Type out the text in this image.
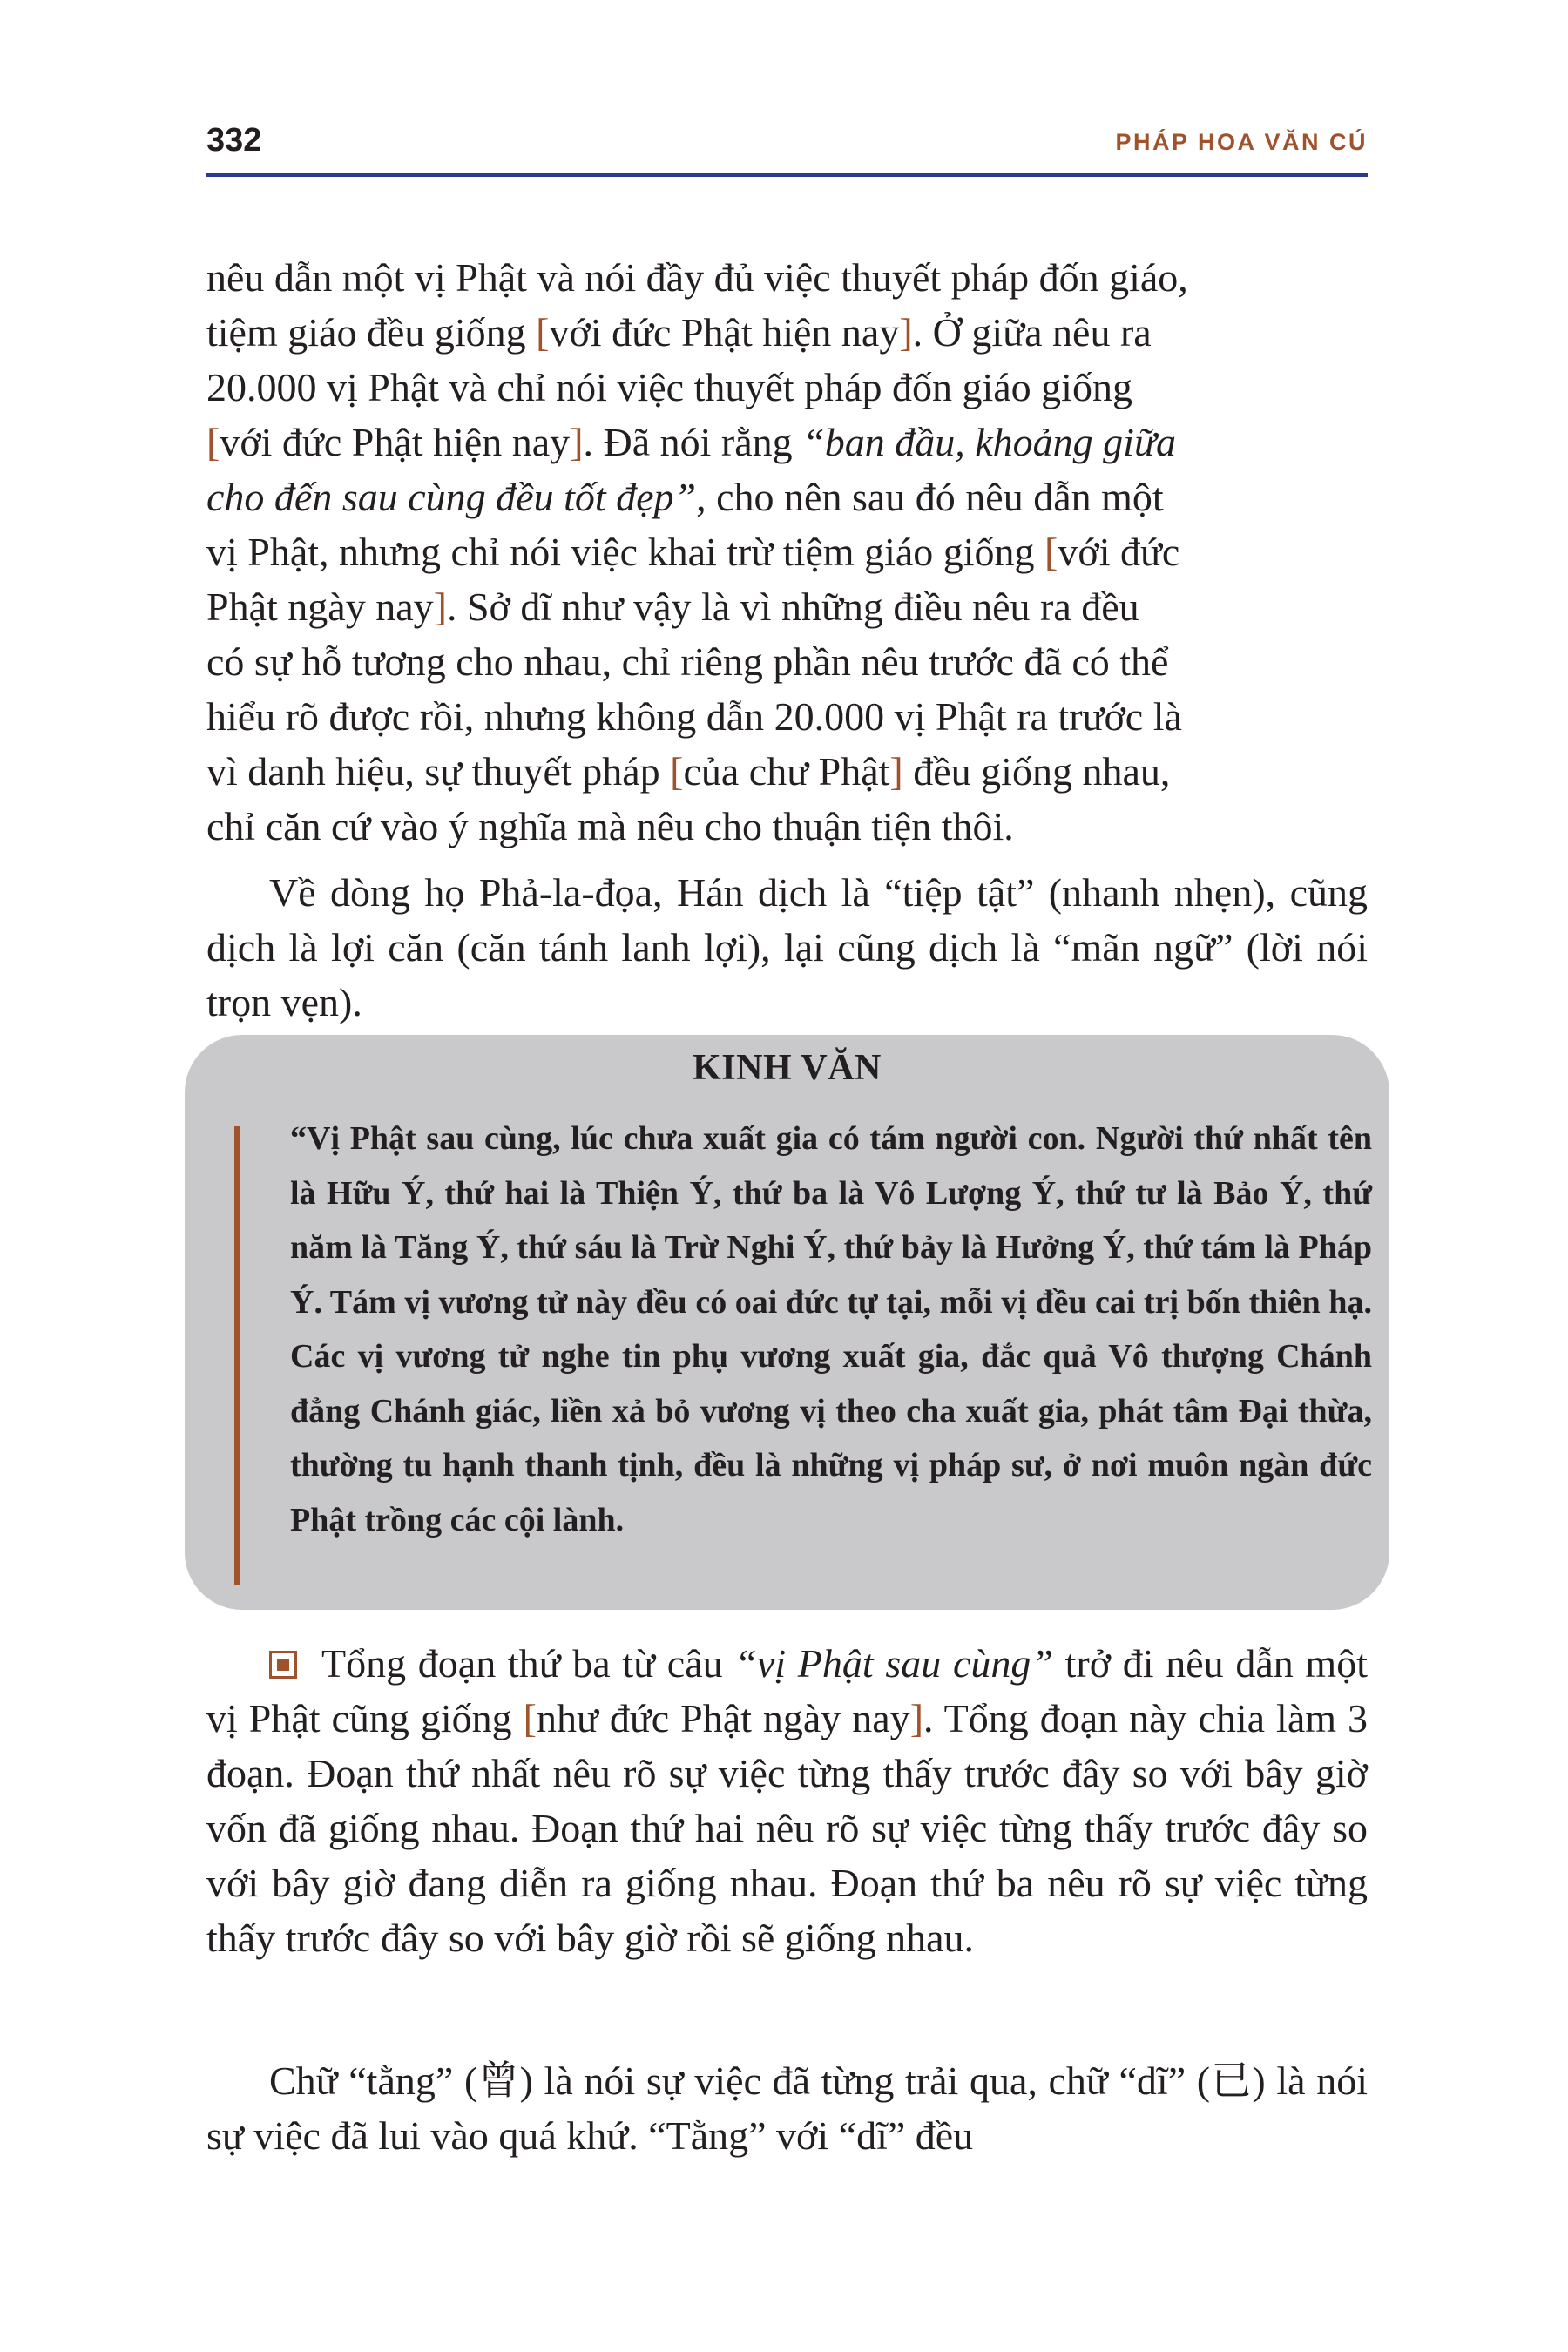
332	PHÁP HOA VĂN CÚ
nêu dẫn một vị Phật và nói đầy đủ việc thuyết pháp đốn giáo,
tiệm giáo đều giống [với đức Phật hiện nay]. Ở giữa nêu ra
20.000 vị Phật và chỉ nói việc thuyết pháp đốn giáo giống
[với đức Phật hiện nay]. Đã nói rằng “ban đầu, khoảng giữa
cho đến sau cùng đều tốt đẹp”, cho nên sau đó nêu dẫn một
vị Phật, nhưng chỉ nói việc khai trừ tiệm giáo giống [với đức
Phật ngày nay]. Sở dĩ như vậy là vì những điều nêu ra đều
có sự hỗ tương cho nhau, chỉ riêng phần nêu trước đã có thể
hiểu rõ được rồi, nhưng không dẫn 20.000 vị Phật ra trước là
vì danh hiệu, sự thuyết pháp [của chư Phật] đều giống nhau,
chỉ căn cứ vào ý nghĩa mà nêu cho thuận tiện thôi.

Về dòng họ Phả-la-đọa, Hán dịch là “tiệp tật” (nhanh nhẹn), cũng dịch là lợi căn (căn tánh lanh lợi), lại cũng dịch là “mãn ngữ” (lời nói trọn vẹn).

KINH VĂN
“Vị Phật sau cùng, lúc chưa xuất gia có tám người con. Người thứ nhất tên là Hữu Ý, thứ hai là Thiện Ý, thứ ba là Vô Lượng Ý, thứ tư là Bảo Ý, thứ năm là Tăng Ý, thứ sáu là Trừ Nghi Ý, thứ bảy là Hưởng Ý, thứ tám là Pháp Ý. Tám vị vương tử này đều có oai đức tự tại, mỗi vị đều cai trị bốn thiên hạ. Các vị vương tử nghe tin phụ vương xuất gia, đắc quả Vô thượng Chánh đẳng Chánh giác, liền xả bỏ vương vị theo cha xuất gia, phát tâm Đại thừa, thường tu hạnh thanh tịnh, đều là những vị pháp sư, ở nơi muôn ngàn đức Phật trồng các cội lành.

Tổng đoạn thứ ba từ câu “vị Phật sau cùng” trở đi nêu dẫn một vị Phật cũng giống [như đức Phật ngày nay]. Tổng đoạn này chia làm 3 đoạn. Đoạn thứ nhất nêu rõ sự việc từng thấy trước đây so với bây giờ vốn đã giống nhau. Đoạn thứ hai nêu rõ sự việc từng thấy trước đây so với bây giờ đang diễn ra giống nhau. Đoạn thứ ba nêu rõ sự việc từng thấy trước đây so với bây giờ rồi sẽ giống nhau.

Chữ “tằng” (曾) là nói sự việc đã từng trải qua, chữ “dĩ” (已) là nói sự việc đã lui vào quá khứ. “Tằng” với “dĩ” đều
